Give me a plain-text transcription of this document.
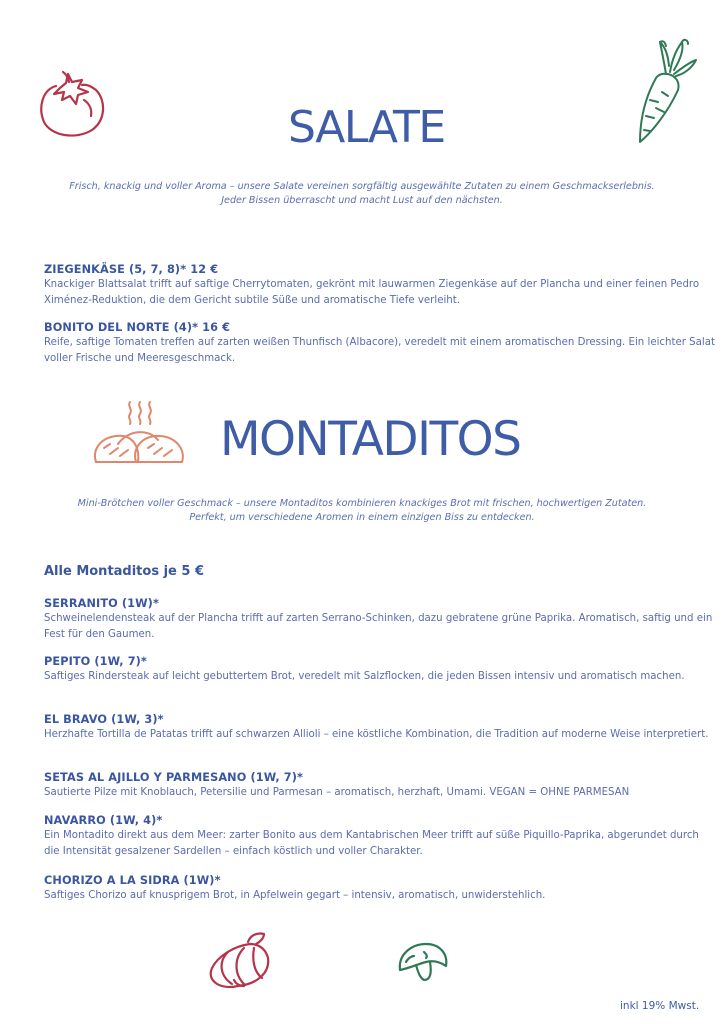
SALATE
Frisch, knackig und voller Aroma – unsere Salate vereinen sorgfältig ausgewählte Zutaten zu einem Geschmackserlebnis.
Jeder Bissen überrascht und macht Lust auf den nächsten.
ZIEGENKÄSE (5, 7, 8)* 12 €
Knackiger Blattsalat trifft auf saftige Cherrytomaten, gekrönt mit lauwarmen Ziegenkäse auf der Plancha und einer feinen Pedro Ximénez-Reduktion, die dem Gericht subtile Süße und aromatische Tiefe verleiht.
BONITO DEL NORTE (4)* 16 €
Reife, saftige Tomaten treffen auf zarten weißen Thunfisch (Albacore), veredelt mit einem aromatischen Dressing. Ein leichter Salat voller Frische und Meeresgeschmack.
MONTADITOS
Mini-Brötchen voller Geschmack – unsere Montaditos kombinieren knackiges Brot mit frischen, hochwertigen Zutaten.
Perfekt, um verschiedene Aromen in einem einzigen Biss zu entdecken.
Alle Montaditos je 5 €
SERRANITO (1W)*
Schweinelendensteak auf der Plancha trifft auf zarten Serrano-Schinken, dazu gebratene grüne Paprika. Aromatisch, saftig und ein Fest für den Gaumen.
PEPITO (1W, 7)*
Saftiges Rindersteak auf leicht gebuttertem Brot, veredelt mit Salzflocken, die jeden Bissen intensiv und aromatisch machen.
EL BRAVO (1W, 3)*
Herzhafte Tortilla de Patatas trifft auf schwarzen Allioli – eine köstliche Kombination, die Tradition auf moderne Weise interpretiert.
SETAS AL AJILLO Y PARMESANO (1W, 7)*
Sautierte Pilze mit Knoblauch, Petersilie und Parmesan – aromatisch, herzhaft, Umami. VEGAN = OHNE PARMESAN
NAVARRO (1W, 4)*
Ein Montadito direkt aus dem Meer: zarter Bonito aus dem Kantabrischen Meer trifft auf süße Piquillo-Paprika, abgerundet durch die Intensität gesalzener Sardellen – einfach köstlich und voller Charakter.
CHORIZO A LA SIDRA (1W)*
Saftiges Chorizo auf knusprigem Brot, in Apfelwein gegart – intensiv, aromatisch, unwiderstehlich.
inkl 19% Mwst.
